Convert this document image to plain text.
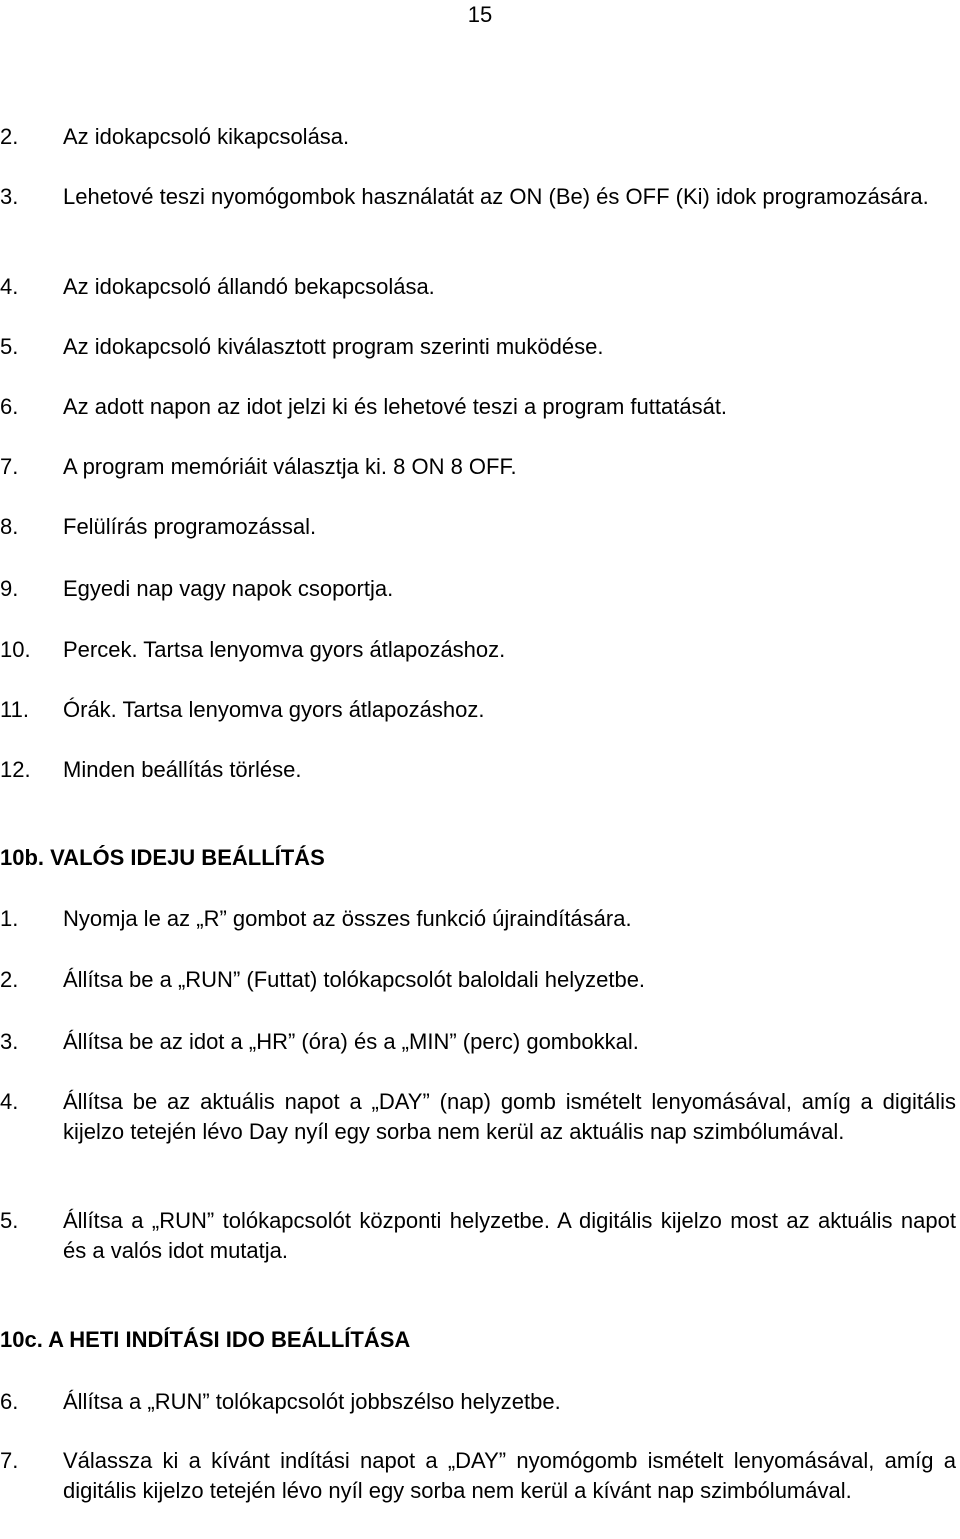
15
2. Az idokapcsoló kikapcsolása.
3. Lehetové teszi nyomógombok használatát az ON (Be) és OFF (Ki) idok programozására.
4. Az idokapcsoló állandó bekapcsolása.
5. Az idokapcsoló kiválasztott program szerinti muködése.
6. Az adott napon az idot jelzi ki és lehetové teszi a program futtatását.
7. A program memóriáit választja ki. 8 ON 8 OFF.
8. Felülírás programozással.
9. Egyedi nap vagy napok csoportja.
10. Percek. Tartsa lenyomva gyors átlapozáshoz.
11. Órák. Tartsa lenyomva gyors átlapozáshoz.
12. Minden beállítás törlése.
10b. VALÓS IDEJU BEÁLLÍTÁS
1. Nyomja le az „R” gombot az összes funkció újraindítására.
2. Állítsa be a „RUN” (Futtat) tolókapcsolót baloldali helyzetbe.
3. Állítsa be az idot a „HR” (óra) és a „MIN” (perc) gombokkal.
4. Állítsa be az aktuális napot a „DAY” (nap) gomb ismételt lenyomásával, amíg a digitális kijelzo tetején lévo Day nyíl egy sorba nem kerül az aktuális nap szimbólumával.
5. Állítsa a „RUN” tolókapcsolót központi helyzetbe. A digitális kijelzo most az aktuális napot és a valós idot mutatja.
10c. A HETI INDÍTÁSI IDO BEÁLLÍTÁSA
6. Állítsa a „RUN” tolókapcsolót jobbszélso helyzetbe.
7. Válassza ki a kívánt indítási napot a „DAY” nyomógomb ismételt lenyomásával, amíg a digitális kijelzo tetején lévo nyíl egy sorba nem kerül a kívánt nap szimbólumával.
